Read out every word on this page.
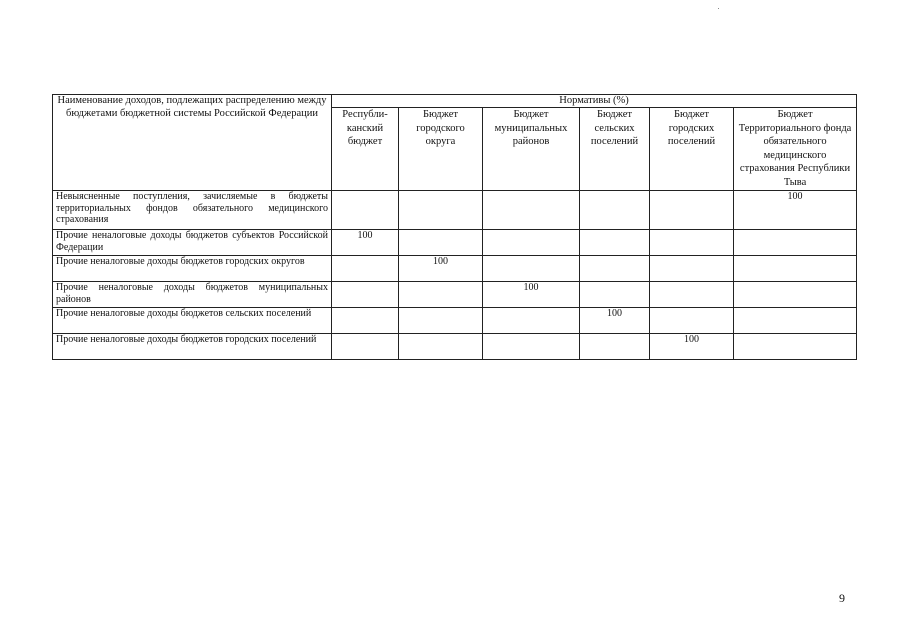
Наименование доходов, подлежащих распределению между бюджетами бюджетной системы Российской Федерации	Нормативы (%)					
	Республи-канский бюджет	Бюджет городского округа	Бюджет муниципальных районов	Бюджет сельских поселений	Бюджет городских поселений	Бюджет Территориального фонда обязательного медицинского страхования Республики Тыва
Невыясненные поступления, зачисляемые в бюджеты территориальных фондов обязательного медицинского страхования						100
Прочие неналоговые доходы бюджетов субъектов Российской Федерации	100					
Прочие неналоговые доходы бюджетов городских округов		100				
Прочие неналоговые доходы бюджетов муниципальных районов			100			
Прочие неналоговые доходы бюджетов сельских поселений				100		
Прочие неналоговые доходы бюджетов городских поселений					100	
9
